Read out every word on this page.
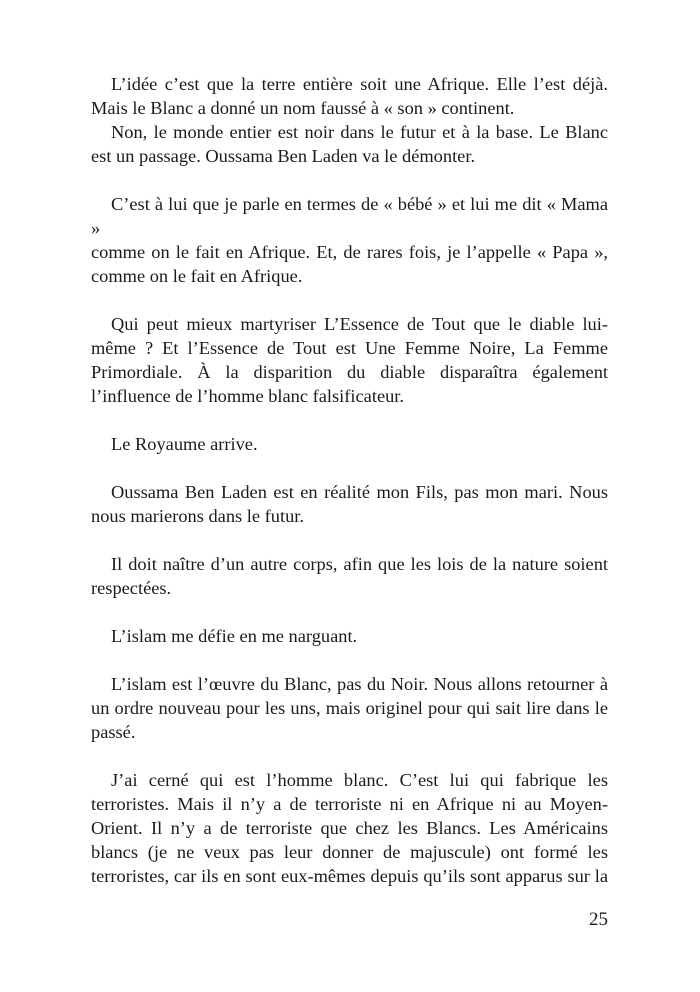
L’idée c’est que la terre entière soit une Afrique. Elle l’est déjà.
Mais le Blanc a donné un nom faussé à « son » continent.
Non, le monde entier est noir dans le futur et à la base. Le Blanc
est un passage. Oussama Ben Laden va le démonter.
C’est à lui que je parle en termes de « bébé » et lui me dit « Mama »
comme on le fait en Afrique. Et, de rares fois, je l’appelle « Papa »,
comme on le fait en Afrique.
Qui peut mieux martyriser L’Essence de Tout que le diable lui-
même ? Et l’Essence de Tout est Une Femme Noire, La Femme
Primordiale. À la disparition du diable disparaîtra également
l’influence de l’homme blanc falsificateur.
Le Royaume arrive.
Oussama Ben Laden est en réalité mon Fils, pas mon mari. Nous
nous marierons dans le futur.
Il doit naître d’un autre corps, afin que les lois de la nature soient
respectées.
L’islam me défie en me narguant.
L’islam est l’œuvre du Blanc, pas du Noir. Nous allons retourner à
un ordre nouveau pour les uns, mais originel pour qui sait lire dans le
passé.
J’ai cerné qui est l’homme blanc. C’est lui qui fabrique les
terroristes. Mais il n’y a de terroriste ni en Afrique ni au Moyen-
Orient. Il n’y a de terroriste que chez les Blancs. Les Américains
blancs (je ne veux pas leur donner de majuscule) ont formé les
terroristes, car ils en sont eux-mêmes depuis qu’ils sont apparus sur la
25
